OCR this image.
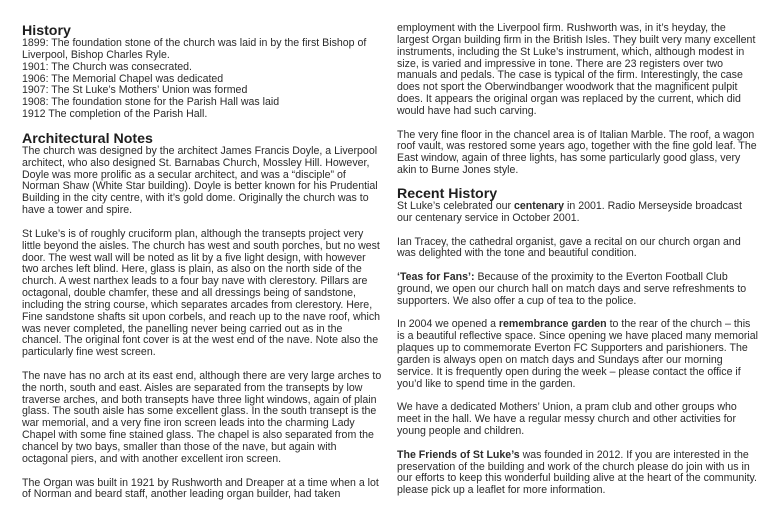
History
1899: The foundation stone of the church was laid in by the first Bishop of
Liverpool, Bishop Charles Ryle.
1901: The Church was consecrated.
1906: The Memorial Chapel was dedicated
1907: The St Luke’s Mothers’ Union was formed
1908: The foundation stone for the Parish Hall was laid
1912 The completion of the Parish Hall.
Architectural Notes

The church was designed by the architect James Francis Doyle, a Liverpool
architect, who also designed St. Barnabas Church, Mossley Hill. However,
Doyle was more prolific as a secular architect, and was a “disciple” of
Norman Shaw (White Star building). Doyle is better known for his Prudential
Building in the city centre, with it’s gold dome. Originally the church was to
have a tower and spire.

St Luke’s is of roughly cruciform plan, although the transepts project very
little beyond the aisles. The church has west and south porches, but no west
door. The west wall will be noted as lit by a five light design, with however
two arches left blind. Here, glass is plain, as also on the north side of the
church. A west narthex leads to a four bay nave with clerestory. Pillars are
octagonal, double chamfer, these and all dressings being of sandstone,
including the string course, which separates arcades from clerestory. Here,
Fine sandstone shafts sit upon corbels, and reach up to the nave roof, which
was never completed, the panelling never being carried out as in the
chancel. The original font cover is at the west end of the nave. Note also the
particularly fine west screen.

The nave has no arch at its east end, although there are very large arches to
the north, south and east. Aisles are separated from the transepts by low
traverse arches, and both transepts have three light windows, again of plain
glass. The south aisle has some excellent glass. In the south transept is the
war memorial, and a very fine iron screen leads into the charming Lady
Chapel with some fine stained glass. The chapel is also separated from the
chancel by two bays, smaller than those of the nave, but again with
octagonal piers, and with another excellent iron screen.

The Organ was built in 1921 by Rushworth and Dreaper at a time when a lot
of Norman and beard staff, another leading organ builder, had taken

employment with the Liverpool firm. Rushworth was, in it’s heyday, the
largest Organ building firm in the British Isles. They built very many excellent
instruments, including the St Luke’s instrument, which, although modest in
size, is varied and impressive in tone. There are 23 registers over two
manuals and pedals. The case is typical of the firm. Interestingly, the case
does not sport the Oberwindbanger woodwork that the magnificent pulpit
does. It appears the original organ was replaced by the current, which did
would have had such carving.

The very fine floor in the chancel area is of Italian Marble. The roof, a wagon
roof vault, was restored some years ago, together with the fine gold leaf. The
East window, again of three lights, has some particularly good glass, very
akin to Burne Jones style.

Recent History

St Luke’s celebrated our centenary in 2001. Radio Merseyside broadcast
our centenary service in October 2001.

Ian Tracey, the cathedral organist, gave a recital on our church organ and
was delighted with the tone and beautiful condition.

‘Teas for Fans’: Because of the proximity to the Everton Football Club
ground, we open our church hall on match days and serve refreshments to
supporters. We also offer a cup of tea to the police.

In 2004 we opened a remembrance garden to the rear of the church – this
is a beautiful reflective space. Since opening we have placed many memorial
plaques up to commemorate Everton FC Supporters and parishioners. The
garden is always open on match days and Sundays after our morning
service. It is frequently open during the week – please contact the office if
you’d like to spend time in the garden.

We have a dedicated Mothers’ Union, a pram club and other groups who
meet in the hall. We have a regular messy church and other activities for
young people and children.

The Friends of St Luke’s was founded in 2012. If you are interested in the
preservation of the building and work of the church please do join with us in
our efforts to keep this wonderful building alive at the heart of the community.
please pick up a leaflet for more information.
